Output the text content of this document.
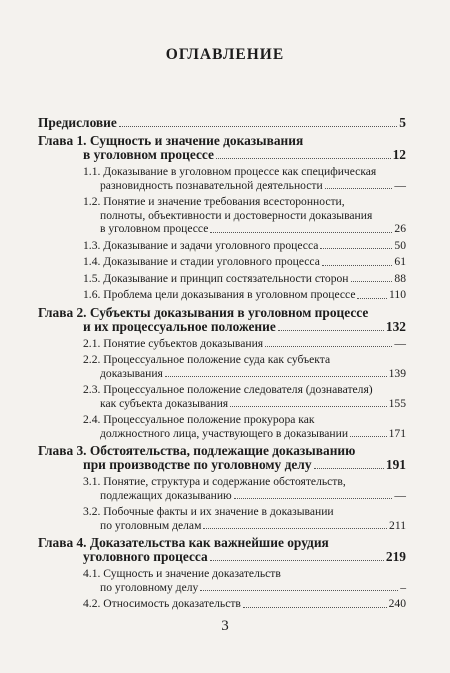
ОГЛАВЛЕНИЕ
Предисловие	5
Глава 1. Сущность и значение доказывания
в уголовном процессе	12
1.1. Доказывание в уголовном процессе как специфическая
разновидность познавательной деятельности	—
1.2. Понятие и значение требования всесторонности,
полноты, объективности и достоверности доказывания
в уголовном процессе	26
1.3. Доказывание и задачи уголовного процесса	50
1.4. Доказывание и стадии уголовного процесса	61
1.5. Доказывание и принцип состязательности сторон	88
1.6. Проблема цели доказывания в уголовном процессе	110
Глава 2. Субъекты доказывания в уголовном процессе
и их процессуальное положение	132
2.1. Понятие субъектов доказывания	—
2.2. Процессуальное положение суда как субъекта
доказывания	139
2.3. Процессуальное положение следователя (дознавателя)
как субъекта доказывания	155
2.4. Процессуальное положение прокурора как
должностного лица, участвующего в доказывании	171
Глава 3. Обстоятельства, подлежащие доказыванию
при производстве по уголовному делу	191
3.1. Понятие, структура и содержание обстоятельств,
подлежащих доказыванию	—
3.2. Побочные факты и их значение в доказывании
по уголовным делам	211
Глава 4. Доказательства как важнейшие орудия
уголовного процесса	219
4.1. Сущность и значение доказательств
по уголовному делу	–
4.2. Относимость доказательств	240
3
